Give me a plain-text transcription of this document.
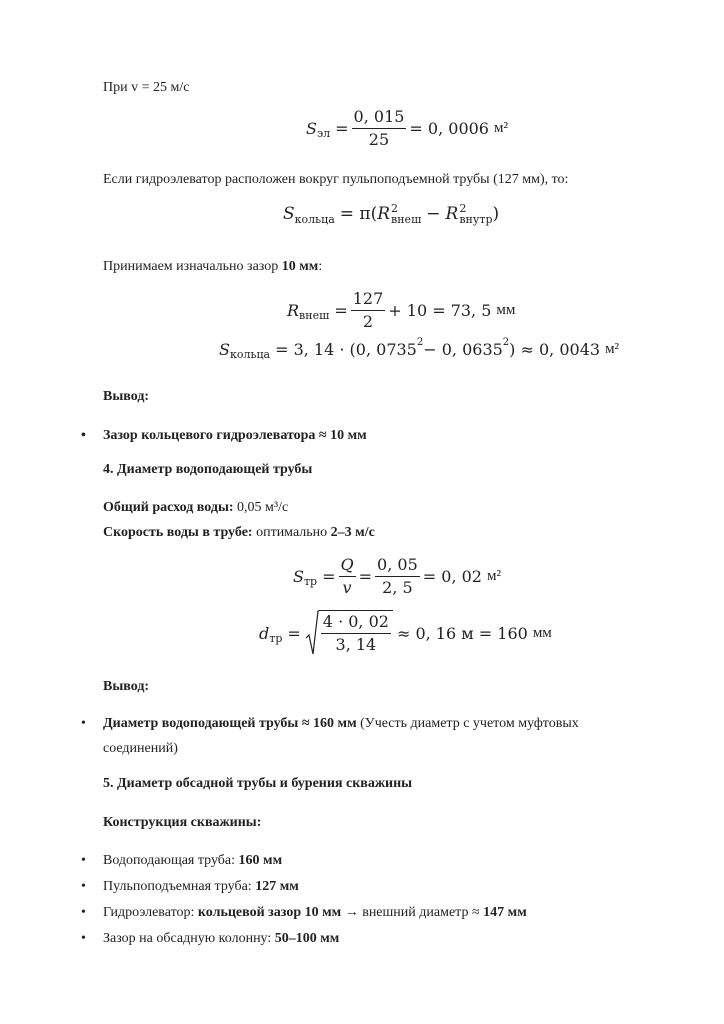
При v = 25 м/с
S эл = $\frac{0, 015}{25} = 0$, 0006 м²
Если гидроэлеватор расположен вокруг пульпоподъемной трубы (127 мм), то:
S кольца = π( R 2
внеш − R 2
внутр )
Принимаем изначально зазор 10 мм:
R внеш = $\frac{127}{2} + 10 = 73$, 5 мм
S кольца = 3, 14 · (0, 0735 2 − 0, 0635 2 ) ≈ 0, 0043 м²
Вывод:
• Зазор кольцевого гидроэлеватора ≈ 10 мм
4. Диаметр водоподающей трубы
Общий расход воды: 0,05 м³/с
Скорость воды в трубе: оптимально 2–3 м/с
S тр = $\frac{Q}{v} = \frac{0, 05}{2, 5} = 0$, 02 м²
d тр = $\frac{4 \cdot 0, 02}{3, 14} \approx 0$, 16 м = 160 мм
Вывод:
• Диаметр водоподающей трубы ≈ 160 мм (Учесть диаметр с учетом муфтовых
соединений)
5. Диаметр обсадной трубы и бурения скважины
Конструкция скважины:
• Водоподающая труба: 160 мм
• Пульпоподъемная труба: 127 мм
• Гидроэлеватор: кольцевой зазор 10 мм → внешний диаметр ≈ 147 мм
• Зазор на обсадную колонну: 50–100 мм
